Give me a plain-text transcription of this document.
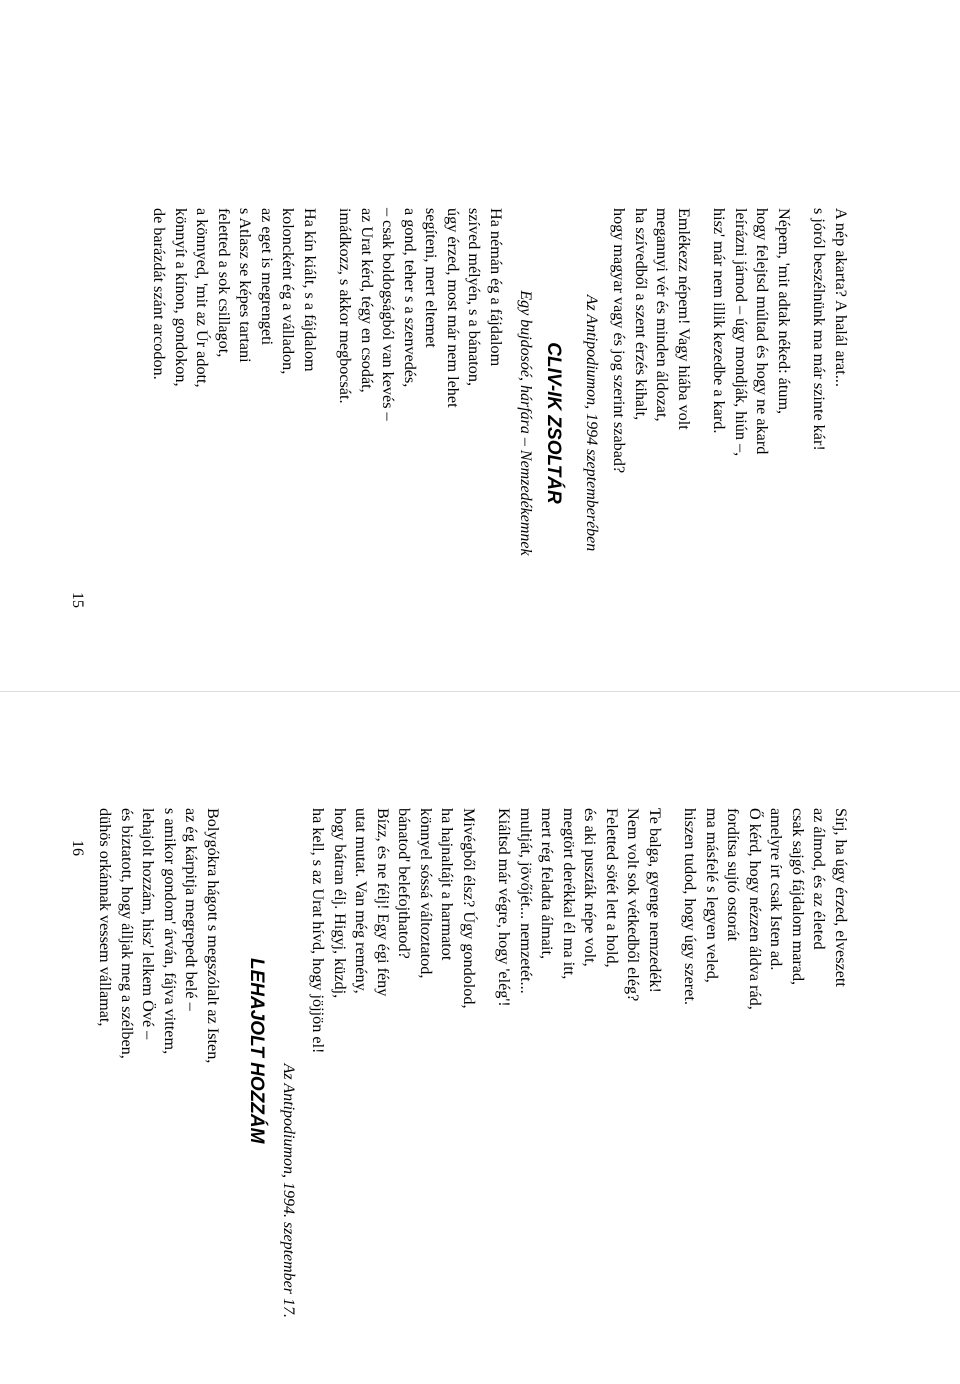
A nép akarta? A halál arat...
s jóról beszélnünk ma már szinte kár!
Népem, 'mit adtak néked: átum,
hogy felejtsd múltad és hogy ne akard
leírázni járnod – úgy mondják, hiún –,
hisz' már nem illik kezedbe a kard.
Emlékezz népem! Vagy hiába volt
megannyi vér és minden áldozat,
ha szívedből a szent érzés kihalt,
hogy magyar vagy és jog szerint szabad?
Az Antipodiumon, 1994 szeptemberében
CLIV-IK ZSOLTÁR
Egy bujdosóé, hárfára – Nemzedékemnek
Ha némán ég a fájdalom
szíved mélyén, s a bánaton,
úgy érzed, most már nem lehet
segíteni, mert eltemet
a gond, teher s a szenvedés,
– csak boldogságból van kevés –
az Urat kérd, tégy en csodát,
imádkozz, s akkor megbocsát.
Ha kín kiált, s a fájdalom
koloncként ég a válladon,
az eget is megrengeti
s Atlasz se képes tartani
feletted a sok csillagot,
a könnyed, 'mit az Úr adott,
könnyít a kínon, gondokon,
de barázdát szánt arcodon.
15
Sírj, ha úgy érzed, elveszett
az álmod, és az életed
csak sajgó fájdalom marad,
amelyre írt csak Isten ad.
Ő kérd, hogy nézzen áldva rád,
fordítsa sujtó ostorát
ma másfelé s legyen veled,
hiszen tudod, hogy úgy szeret.
Te balga, gyenge nemzedék!
Nem volt sok vétkedből elég?
Feletted sötét lett a hold,
és aki puszták népe volt,
megtört derékkal él ma itt,
mert rég feladta álmait,
multját, jövőjét... nemzetét...
Kiáltsd már végre, hogy 'elég'!
Mivégből élsz? Úgy gondolod,
ha hajnaltájt a harmatot
könnyel sóssá változtatod,
bánatod' belefojthatod?
Bízz, és ne félj! Egy égi fény
utat mutat. Van még remény,
hogy bátran élj. Higyj, küzdj,
ha kell, s az Urat hívd, hogy jöjjön el!
Az Antipodiumon, 1994. szeptember 17.
LEHAJOLT HOZZÁM
Bolygókra hágott s megszólalt az Isten,
az ég kárpitja megrepedt belé –
s amikor gondom' árván, fájva vittem,
lehajolt hozzám, hisz' lelkem Övé –
és biztatott, hogy álljak meg a szélben,
dühös orkánnak vessem vállamat,
16
